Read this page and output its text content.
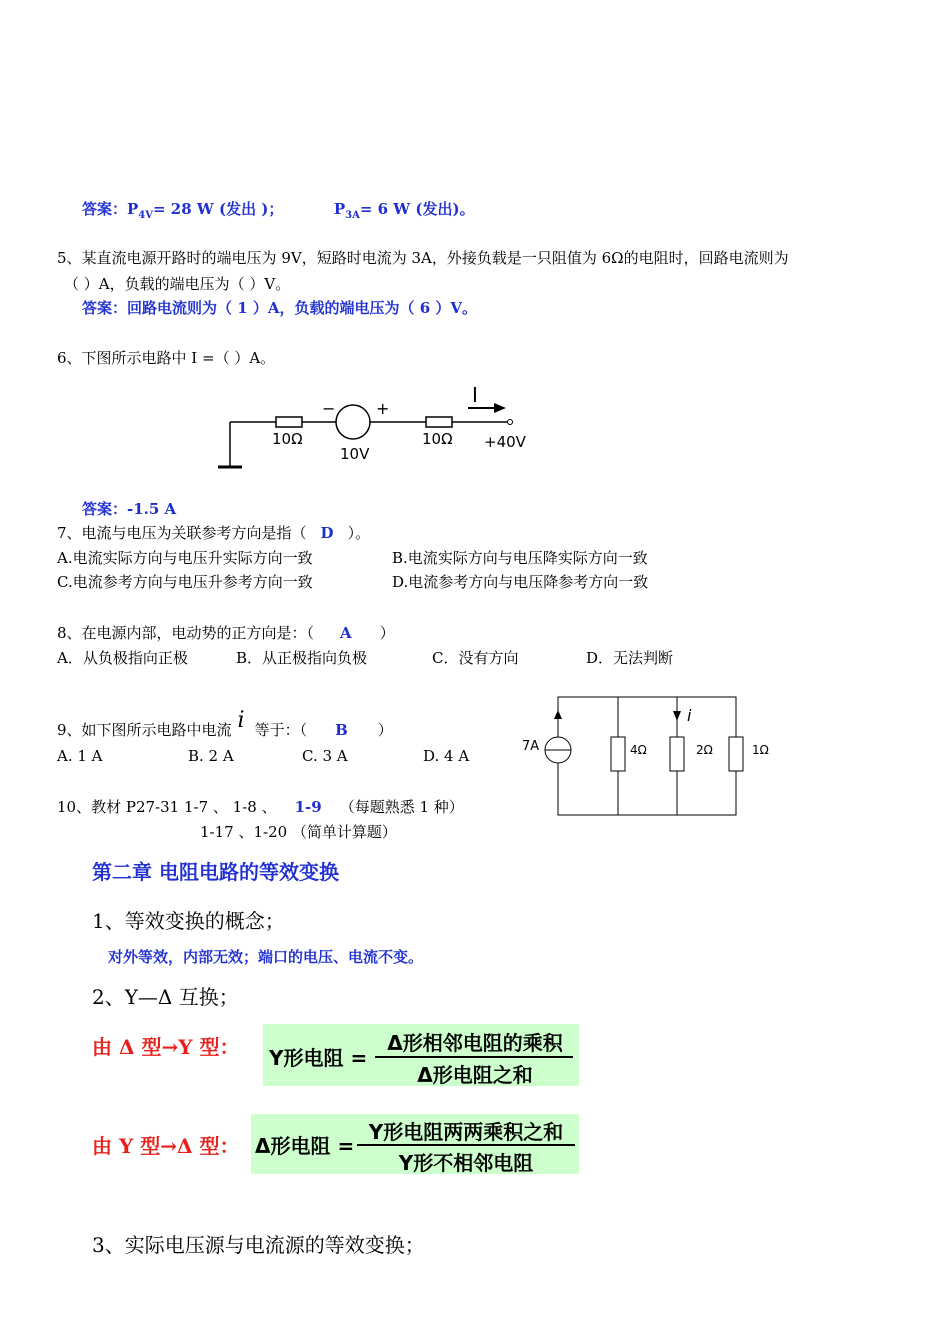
答案：$P_{4V}= 28$ W (发出 )；	$P_{3A}= 6$ W (发出)。
5、某直流电源开路时的端电压为 9V，短路时电流为 3A，外接负载是一只阻值为 6Ω的电阻时，回路电流则为
（ ）A，负载的端电压为（ ）V。
答案：回路电流则为（ 1 ）A，负载的端电压为（ 6 ）V。
6、下图所示电路中 I =（ ）A。
I
−	+
10Ω
10V
10Ω +40V
答案：-1.5 A
7、电流与电压为关联参考方向是指（ D ）。
A.电流实际方向与电压升实际方向一致	B.电流实际方向与电压降实际方向一致
C.电流参考方向与电压升参考方向一致	D.电流参考方向与电压降参考方向一致
8、在电源内部，电动势的正方向是：（ A ）
A．从负极指向正极	B．从正极指向负极	C．没有方向	D．无法判断
9、如下图所示电路中电流 i 等于：（ B ）
A. 1 A	B. 2 A	C. 3 A	D. 4 A
7A	4Ω	2Ω	1Ω
i
10、教材 P27-31 1-7 、 1-8 、 1-9 （每题熟悉 1 种）
1-17 、1-20 （简单计算题）
第二章 电阻电路的等效变换
1、等效变换的概念；
对外等效，内部无效；端口的电压、电流不变。
2、Y—Δ 互换；
由 Δ 型→Y 型： Y形电阻 =
Δ形相邻电阻的乘积
Δ形电阻之和
由 Y 型→Δ 型： Δ形电阻 =
Y形电阻两两乘积之和
Y形不相邻电阻
3、实际电压源与电流源的等效变换；
